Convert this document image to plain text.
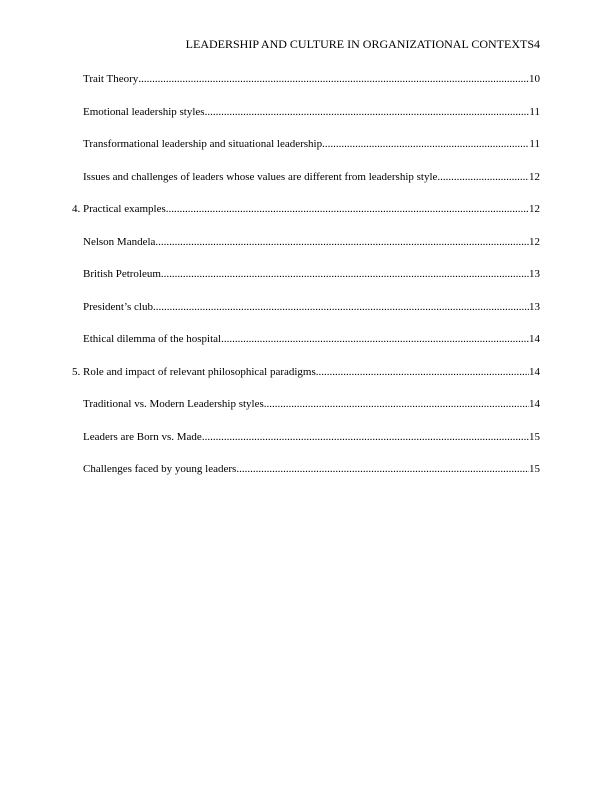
LEADERSHIP AND CULTURE IN ORGANIZATIONAL CONTEXTS4
Trait Theory .....	10
Emotional leadership styles .....	11
Transformational leadership and situational leadership .....	11
Issues and challenges of leaders whose values are different from leadership style .....	12
4. Practical examples .....	12
Nelson Mandela .....	12
British Petroleum .....	13
President’s club .....	13
Ethical dilemma of the hospital .....	14
5. Role and impact of relevant philosophical paradigms .....	14
Traditional vs. Modern Leadership styles .....	14
Leaders are Born vs. Made .....	15
Challenges faced by young leaders .....	15
